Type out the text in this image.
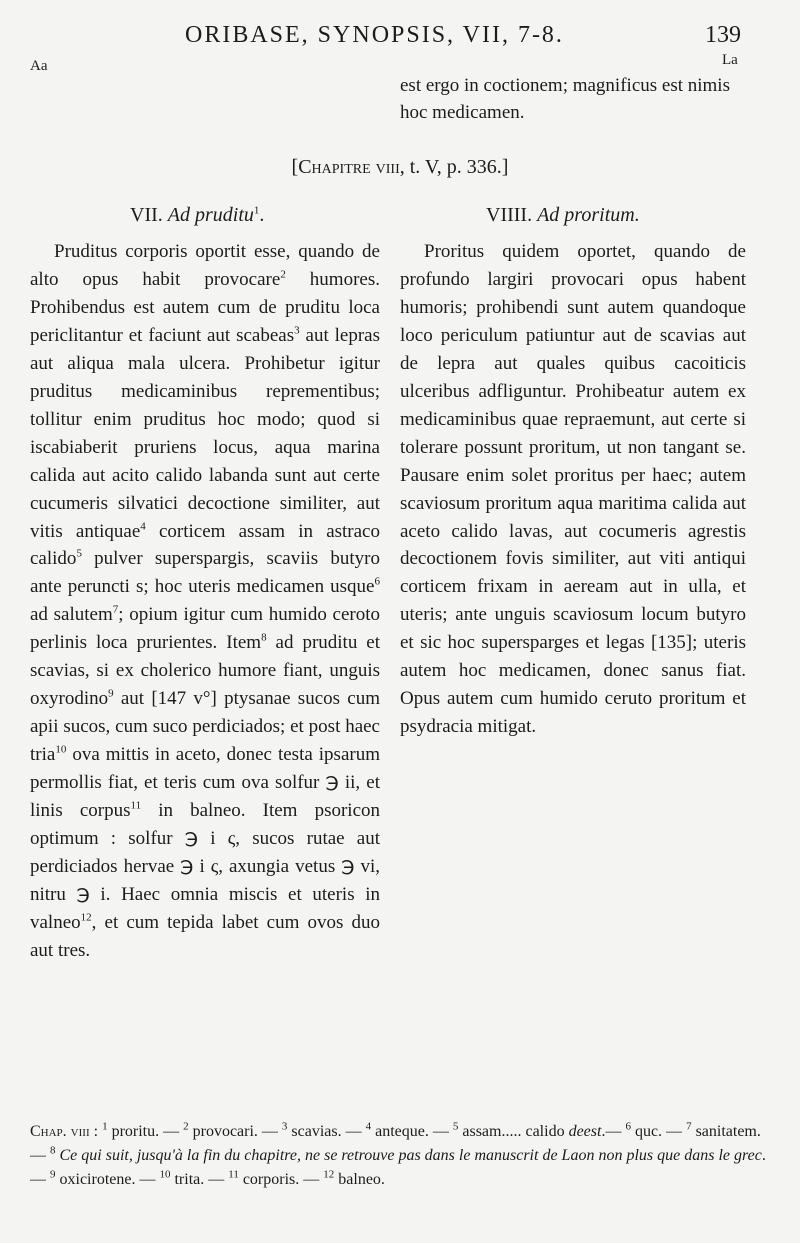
ORIBASE, SYNOPSIS, VII, 7-8.	139
Aa	La
est ergo in coctionem; magnificus est nimis hoc medicamen.
[Chapitre viii, t. V, p. 336.]
VII. Ad pruditu$^1$.	VIIII. Ad proritum.

Pruditus corporis oportit esse, quando de alto opus habit provocare$^2$ humores. Prohibendus est autem cum de pruditu loca periclitantur et faciunt aut scabeas$^3$ aut lepras aut aliqua mala ulcera. Prohibetur igitur pruditus medicaminibus reprementibus; tollitur enim pruditus hoc modo; quod si iscabiaberit pruriens locus, aqua marina calida aut acito calido labanda sunt aut certe cucumeris silvatici decoctione similiter, aut vitis antiquae$^4$ corticem assam in astraco calido$^5$ pulver superspargis, scaviis butyro ante peruncti s; hoc uteris medicamen usque$^6$ ad salutem$^7$; opium igitur cum humido ceroto perlinis loca prurientes. Item$^8$ ad pruditu et scavias, si ex cholerico humore fiant, unguis oxyrodino$^9$ aut [147 v°] ptysanae sucos cum apii sucos, cum suco perdiciados; et post haec tria$^{10}$ ova mittis in aceto, donec testa ipsarum permollis fiat, et teris cum ova solfur ℈ ii, et linis corpus$^{11}$ in balneo. Item psoricon optimum : solfur ℈ i ς, sucos rutae aut perdiciados hervae ℈ i ς, axungia vetus ℈ vi, nitru ℈ i. Haec omnia miscis et uteris in valneo$^{12}$, et cum tepida labet cum ovos duo aut tres.

Proritus quidem oportet, quando de profundo largiri provocari opus habent humoris; prohibendi sunt autem quandoque loco periculum patiuntur aut de scavias aut de lepra aut quales quibus cacoiticis ulceribus adfliguntur. Prohibeatur autem ex medicaminibus quae repraemunt, aut certe si tolerare possunt proritum, ut non tangant se. Pausare enim solet proritus per haec; autem scaviosum proritum aqua maritima calida aut aceto calido lavas, aut cocumeris agrestis decoctionem fovis similiter, aut viti antiqui corticem frixam in aeream aut in ulla, et uteris; ante unguis scaviosum locum butyro et sic hoc supersparges et legas [135]; uteris autem hoc medicamen, donec sanus fiat. Opus autem cum humido ceruto proritum et psydracia mitigat.

Chap. viii : $^1$ proritu. — $^2$ provocari. — $^3$ scavias. — $^4$ anteque. — $^5$ assam..... calido deest.— $^6$ quc. — $^7$ sanitatem. — $^8$ Ce qui suit, jusqu'à la fin du chapitre, ne se retrouve pas dans le manuscrit de Laon non plus que dans le grec. — $^9$ oxicirotene. — $^{10}$ trita. — $^{11}$ corporis. — $^{12}$ balneo.
